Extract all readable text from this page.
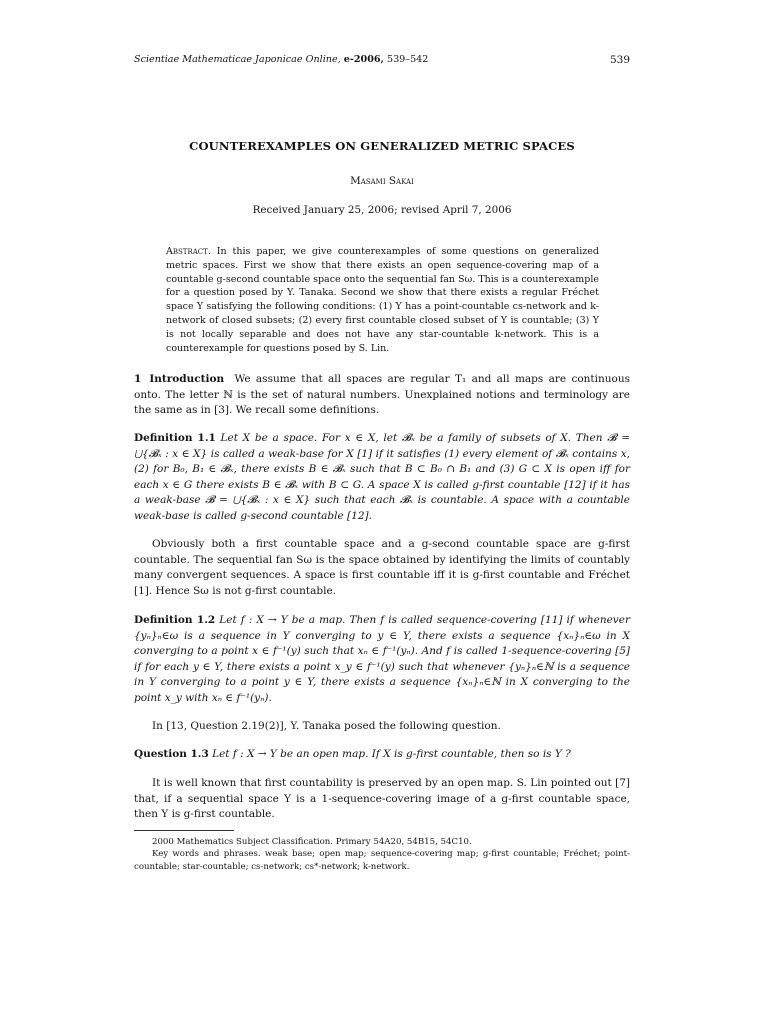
Scientiae Mathematicae Japonicae Online, e-2006, 539–542	539
COUNTEREXAMPLES ON GENERALIZED METRIC SPACES
Masami Sakai
Received January 25, 2006; revised April 7, 2006
Abstract. In this paper, we give counterexamples of some questions on generalized metric spaces. First we show that there exists an open sequence-covering map of a countable g-second countable space onto the sequential fan Sω. This is a counterexample for a question posed by Y. Tanaka. Second we show that there exists a regular Fréchet space Y satisfying the following conditions: (1) Y has a point-countable cs-network and k-network of closed subsets; (2) every first countable closed subset of Y is countable; (3) Y is not locally separable and does not have any star-countable k-network. This is a counterexample for questions posed by S. Lin.
1 Introduction We assume that all spaces are regular T₁ and all maps are continuous onto. The letter ℕ is the set of natural numbers. Unexplained notions and terminology are the same as in [3]. We recall some definitions.
Definition 1.1 Let X be a space. For x ∈ X, let 𝓑ₓ be a family of subsets of X. Then 𝓑 = ⋃{𝓑ₓ : x ∈ X} is called a weak-base for X [1] if it satisfies (1) every element of 𝓑ₓ contains x, (2) for B₀, B₁ ∈ 𝓑ₓ, there exists B ∈ 𝓑ₓ such that B ⊂ B₀ ∩ B₁ and (3) G ⊂ X is open iff for each x ∈ G there exists B ∈ 𝓑ₓ with B ⊂ G. A space X is called g-first countable [12] if it has a weak-base 𝓑 = ⋃{𝓑ₓ : x ∈ X} such that each 𝓑ₓ is countable. A space with a countable weak-base is called g-second countable [12].
Obviously both a first countable space and a g-second countable space are g-first countable. The sequential fan Sω is the space obtained by identifying the limits of countably many convergent sequences. A space is first countable iff it is g-first countable and Fréchet [1]. Hence Sω is not g-first countable.
Definition 1.2 Let f : X → Y be a map. Then f is called sequence-covering [11] if whenever {yₙ}ₙ∈ω is a sequence in Y converging to y ∈ Y, there exists a sequence {xₙ}ₙ∈ω in X converging to a point x ∈ f⁻¹(y) such that xₙ ∈ f⁻¹(yₙ). And f is called 1-sequence-covering [5] if for each y ∈ Y, there exists a point x_y ∈ f⁻¹(y) such that whenever {yₙ}ₙ∈ℕ is a sequence in Y converging to a point y ∈ Y, there exists a sequence {xₙ}ₙ∈ℕ in X converging to the point x_y with xₙ ∈ f⁻¹(yₙ).
In [13, Question 2.19(2)], Y. Tanaka posed the following question.
Question 1.3 Let f : X → Y be an open map. If X is g-first countable, then so is Y ?
It is well known that first countability is preserved by an open map. S. Lin pointed out [7] that, if a sequential space Y is a 1-sequence-covering image of a g-first countable space, then Y is g-first countable.

2000 Mathematics Subject Classification. Primary 54A20, 54B15, 54C10.

Key words and phrases. weak base; open map; sequence-covering map; g-first countable; Fréchet; point-countable; star-countable; cs-network; cs*-network; k-network.
